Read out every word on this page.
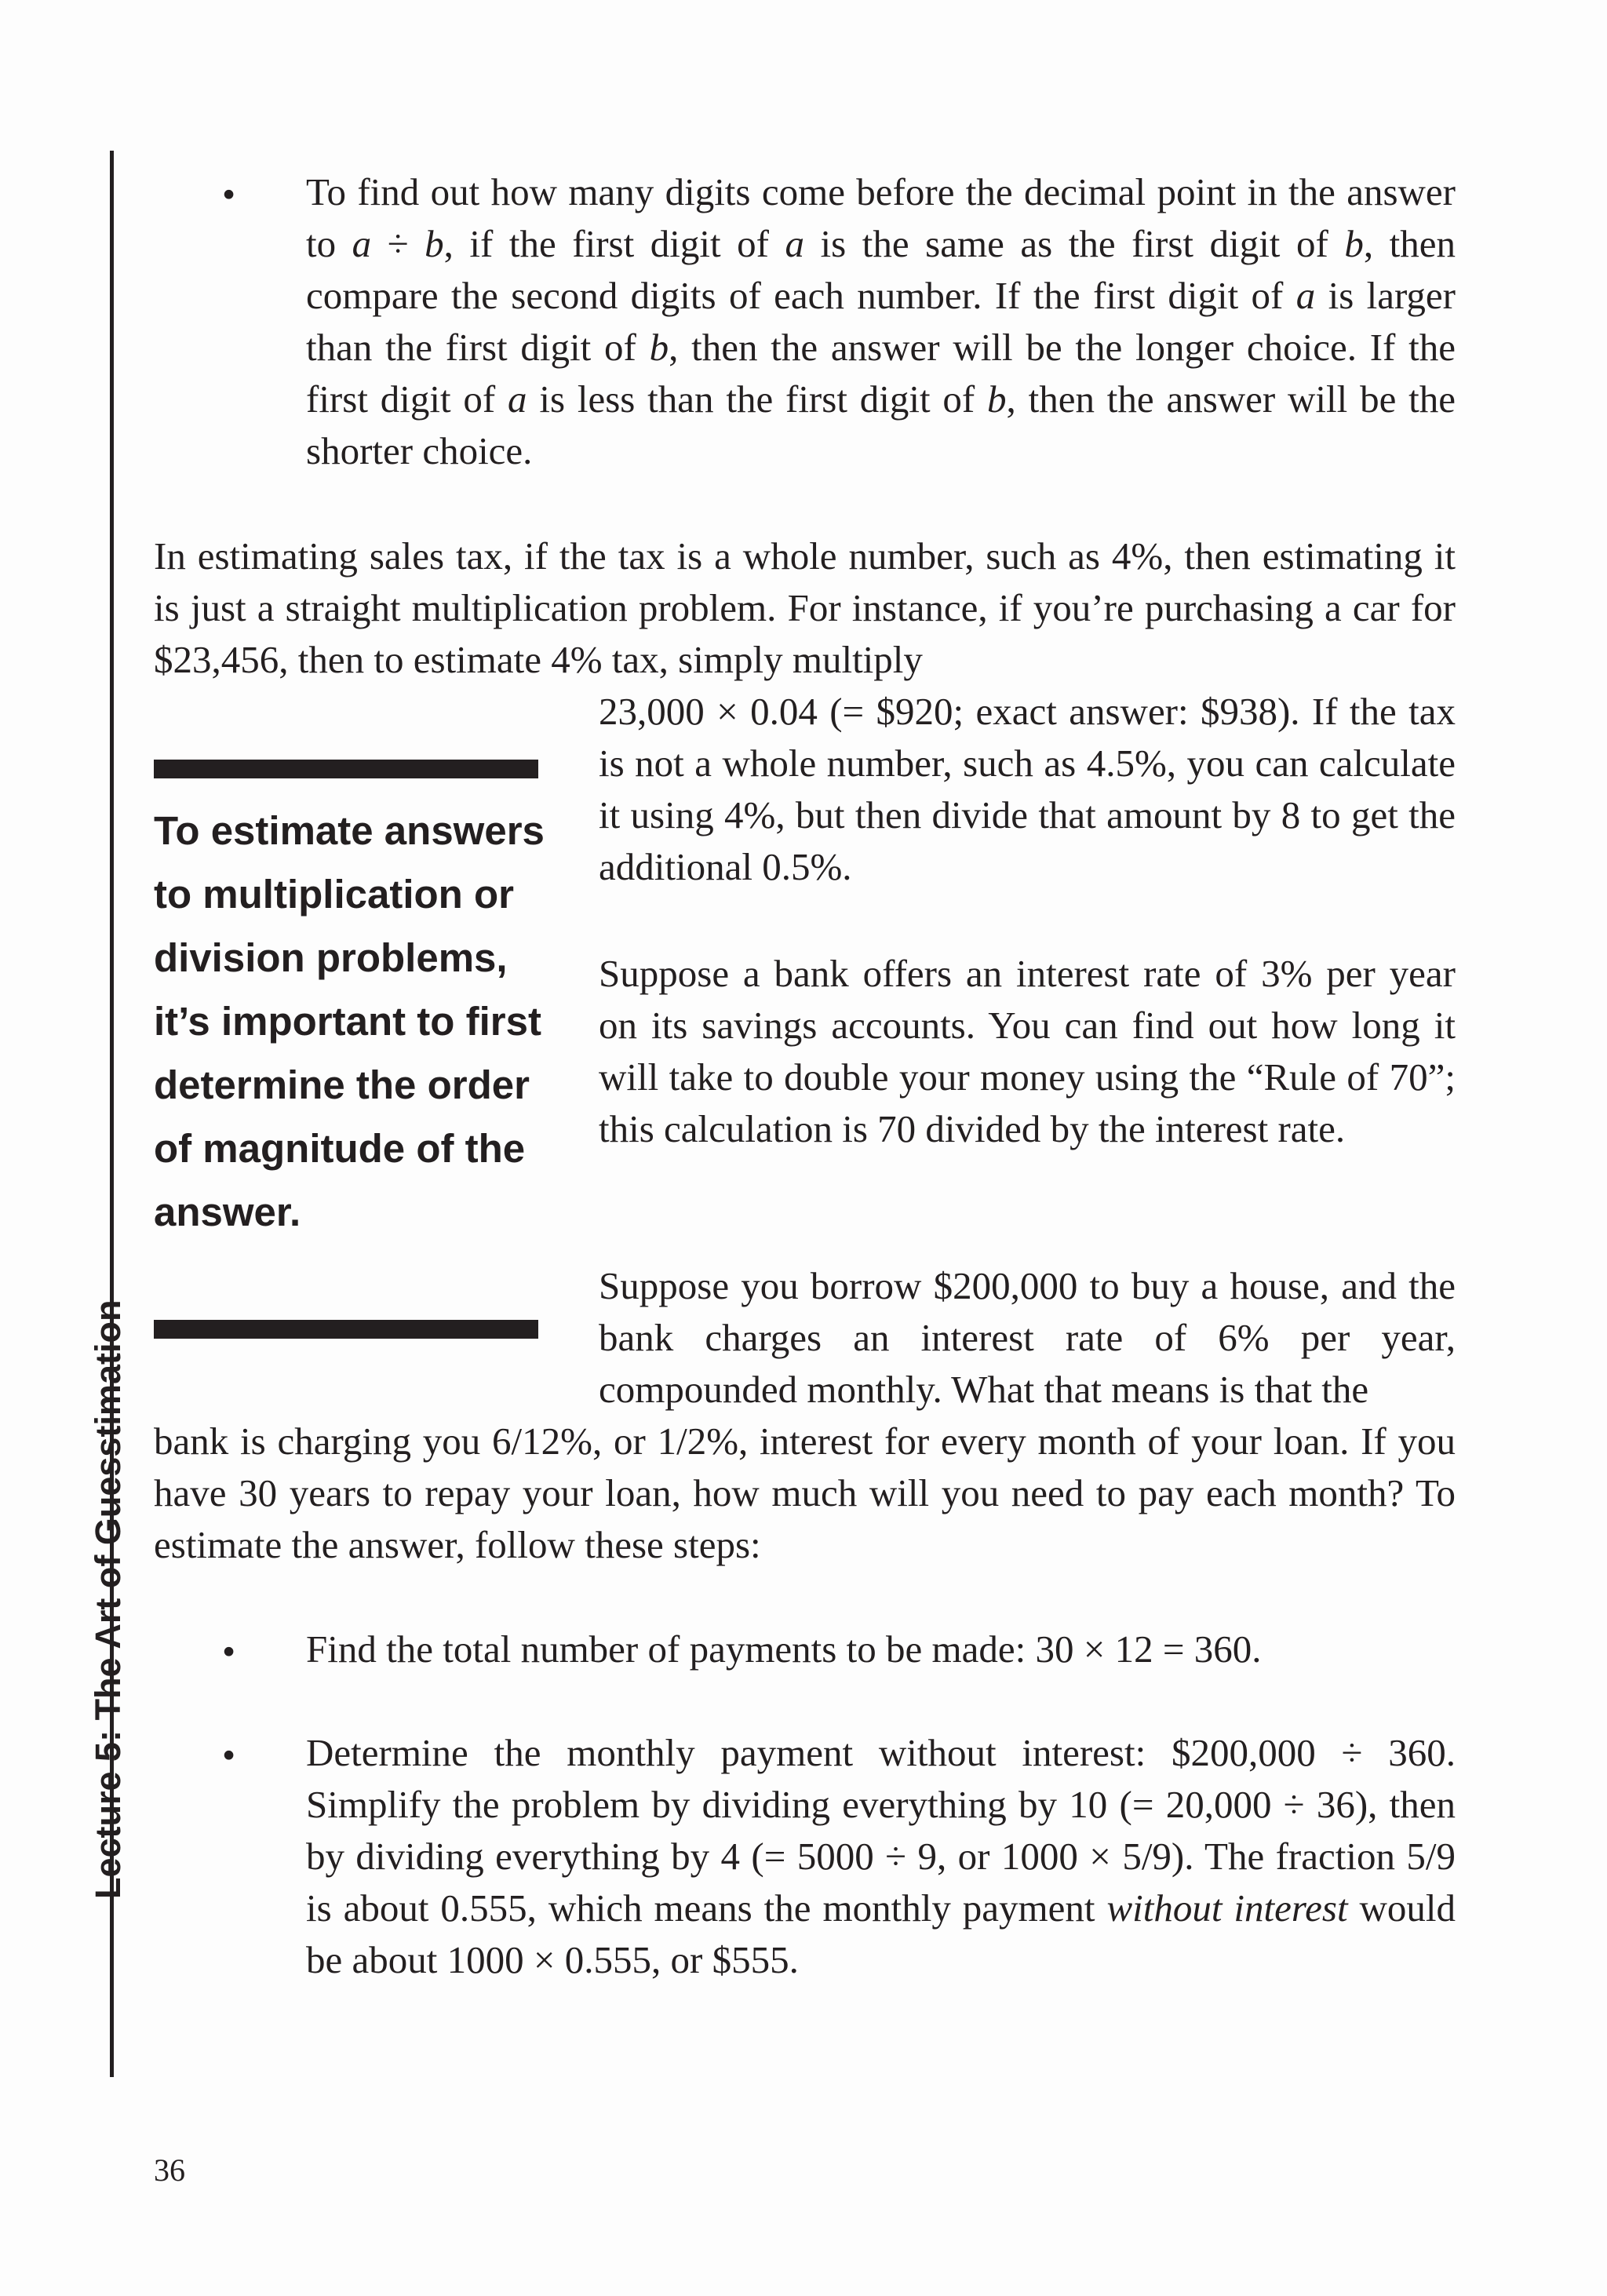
Lecture 5: The Art of Guesstimation
• To find out how many digits come before the decimal point in the answer to a ÷ b, if the first digit of a is the same as the first digit of b, then compare the second digits of each number. If the first digit of a is larger than the first digit of b, then the answer will be the longer choice. If the first digit of a is less than the first digit of b, then the answer will be the shorter choice.
In estimating sales tax, if the tax is a whole number, such as 4%, then estimating it is just a straight multiplication problem. For instance, if you’re purchasing a car for $23,456, then to estimate 4% tax, simply multiply
23,000 × 0.04 (= $920; exact answer: $938). If the tax is not a whole number, such as 4.5%, you can calculate it using 4%, but then divide that amount by 8 to get the additional 0.5%.
To estimate answers to multiplication or division problems, it’s important to first determine the order of magnitude of the answer.
Suppose a bank offers an interest rate of 3% per year on its savings accounts. You can find out how long it will take to double your money using the “Rule of 70”; this calculation is 70 divided by the interest rate.
Suppose you borrow $200,000 to buy a house, and the bank charges an interest rate of 6% per year, compounded monthly. What that means is that the
bank is charging you 6/12%, or 1/2%, interest for every month of your loan. If you have 30 years to repay your loan, how much will you need to pay each month? To estimate the answer, follow these steps:
• Find the total number of payments to be made: 30 × 12 = 360.
• Determine the monthly payment without interest: $200,000 ÷ 360. Simplify the problem by dividing everything by 10 (= 20,000 ÷ 36), then by dividing everything by 4 (= 5000 ÷ 9, or 1000 × 5/9). The fraction 5/9 is about 0.555, which means the monthly payment without interest would be about 1000 × 0.555, or $555.
36
